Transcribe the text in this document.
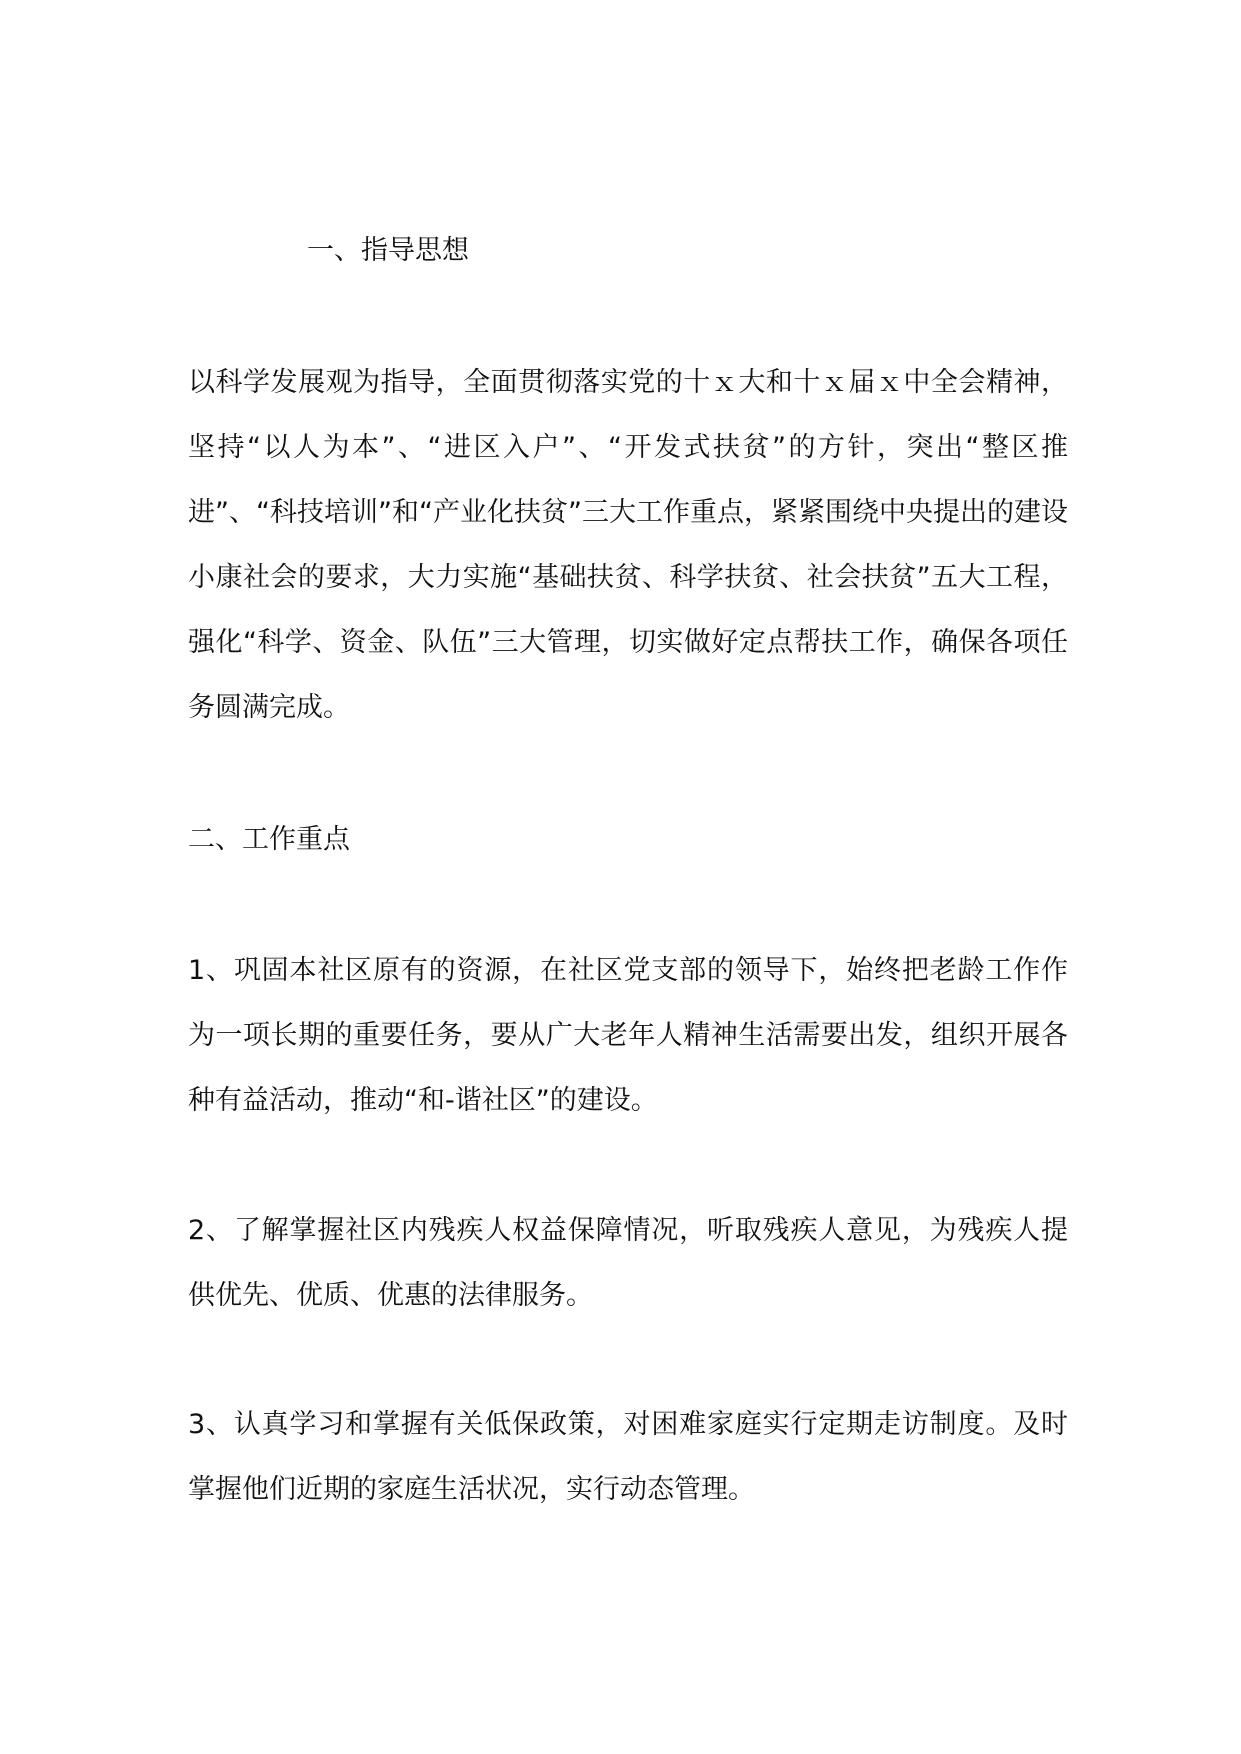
一、指导思想
以科学发展观为指导，全面贯彻落实党的十ｘ大和十ｘ届ｘ中全会精神，坚持“以人为本”、“进区入户”、“开发式扶贫”的方针，突出“整区推进”、“科技培训”和“产业化扶贫”三大工作重点，紧紧围绕中央提出的建设小康社会的要求，大力实施“基础扶贫、科学扶贫、社会扶贫”五大工程，强化“科学、资金、队伍”三大管理，切实做好定点帮扶工作，确保各项任务圆满完成。
二、工作重点
1、巩固本社区原有的资源，在社区党支部的领导下，始终把老龄工作作为一项长期的重要任务，要从广大老年人精神生活需要出发，组织开展各种有益活动，推动“和-谐社区”的建设。
2、了解掌握社区内残疾人权益保障情况，听取残疾人意见，为残疾人提供优先、优质、优惠的法律服务。
3、认真学习和掌握有关低保政策，对困难家庭实行定期走访制度。及时掌握他们近期的家庭生活状况，实行动态管理。
